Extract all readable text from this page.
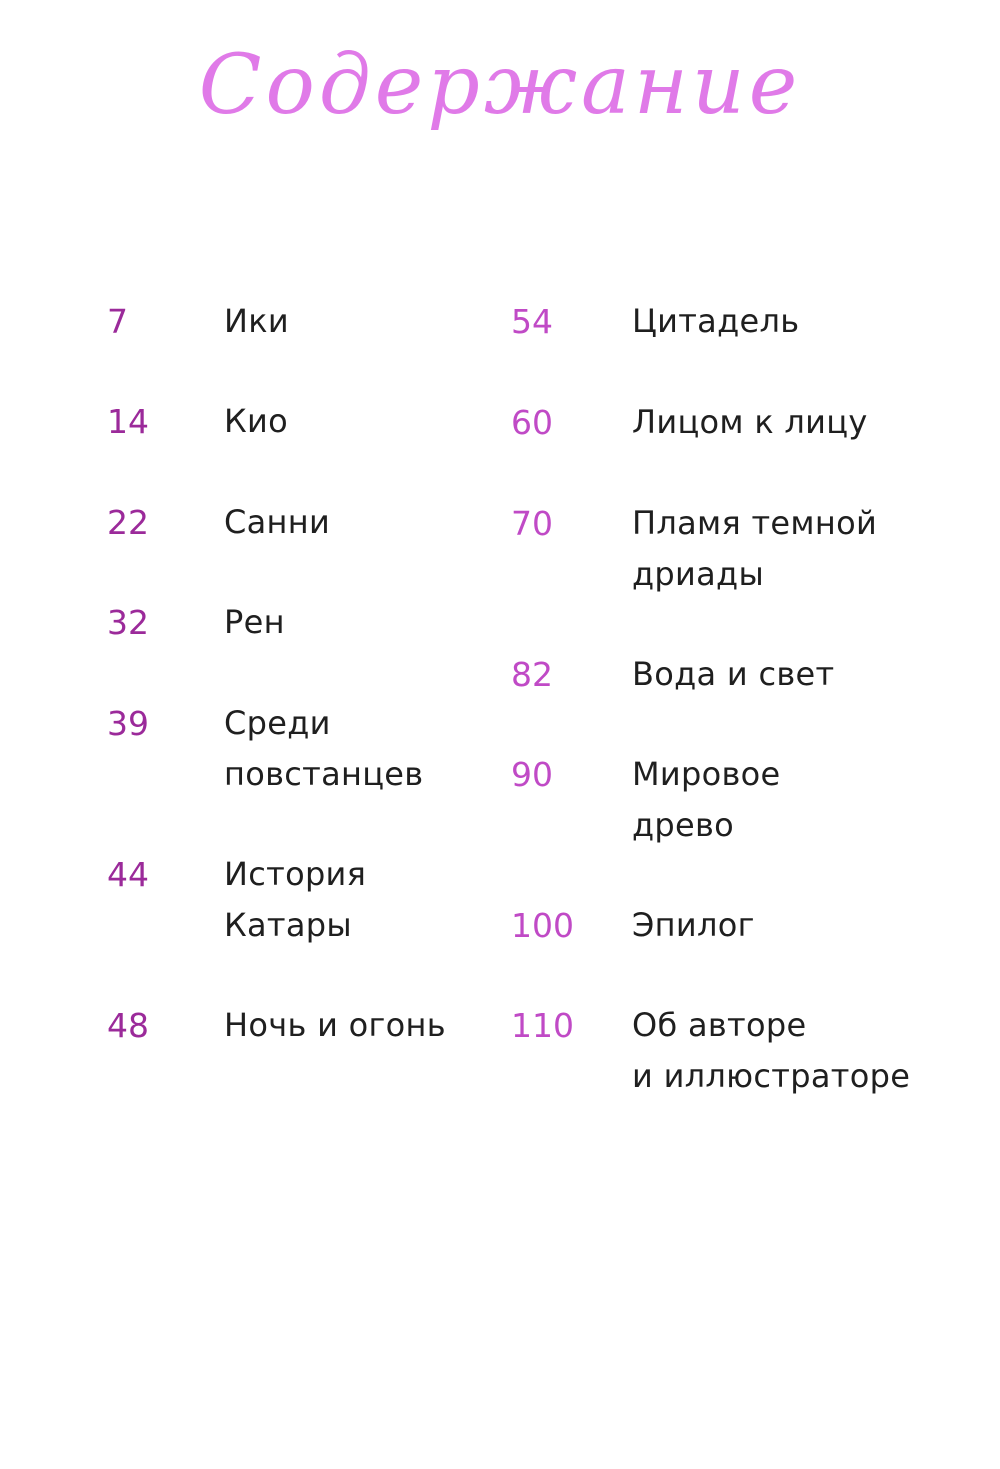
Содержание
7	Ики
14 Кио
22 Санни
32 Рен
39 Среди
повстанцев
44 История
Катары
48 Ночь и огонь
54 Цитадель
60 Лицом к лицу
70 Пламя темной
дриады
82 Вода и свет
90 Мировое
древо
100 Эпилог
110 Об авторе
и иллюстраторе
